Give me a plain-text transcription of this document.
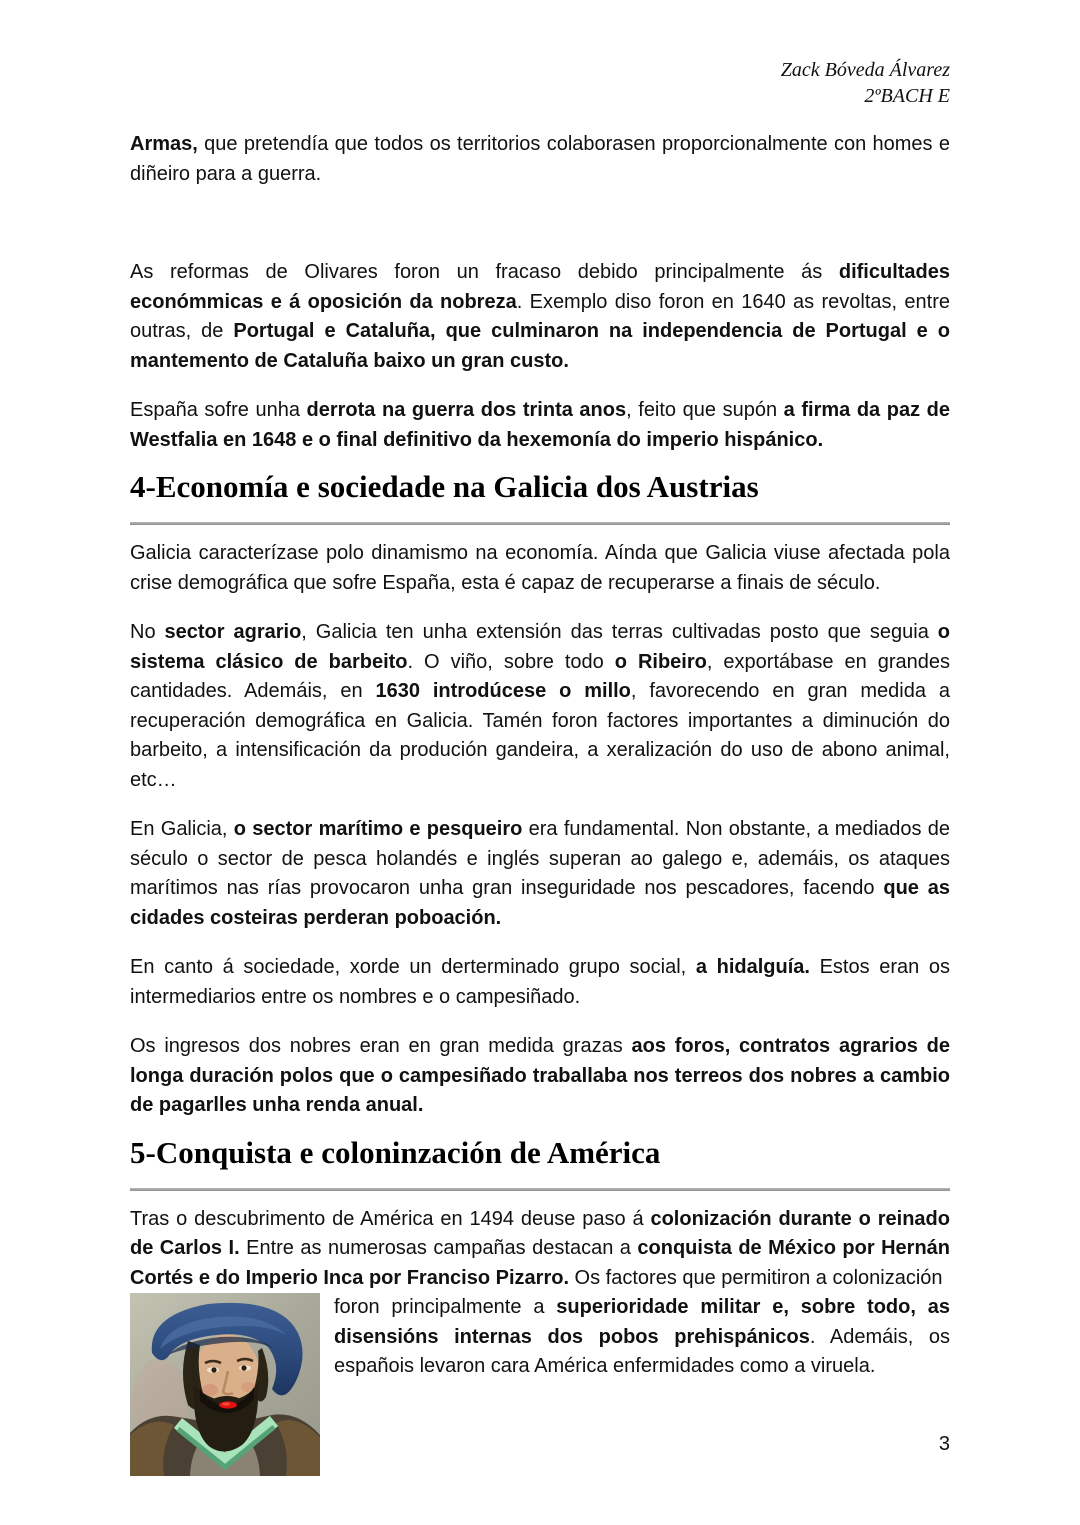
Zack Bóveda Álvarez
2ºBACH E
Armas, que pretendía que todos os territorios colaborasen proporcionalmente con homes e
diñeiro para a guerra.
As reformas de Olivares foron un fracaso debido principalmente ás dificultades
económmicas e á oposición da nobreza. Exemplo diso foron en 1640 as revoltas, entre
outras, de Portugal e Cataluña, que culminaron na independencia de Portugal e o
mantemento de Cataluña baixo un gran custo.
España sofre unha derrota na guerra dos trinta anos, feito que supón a firma da paz de
Westfalia en 1648 e o final definitivo da hexemonía do imperio hispánico.
4-Economía e sociedade na Galicia dos Austrias
Galicia caracterízase polo dinamismo na economía. Aínda que Galicia viuse afectada pola
crise demográfica que sofre España, esta é capaz de recuperarse a finais de século.
No sector agrario, Galicia ten unha extensión das terras cultivadas posto que seguia o
sistema clásico de barbeito. O viño, sobre todo o Ribeiro, exportábase en grandes
cantidades. Ademáis, en 1630 introdúcese o millo, favorecendo en gran medida a
recuperación demográfica en Galicia. Tamén foron factores importantes a diminución do
barbeito, a intensificación da produción gandeira, a xeralización do uso de abono animal,
etc…
En Galicia, o sector marítimo e pesqueiro era fundamental. Non obstante, a mediados de
século o sector de pesca holandés e inglés superan ao galego e, ademáis, os ataques
marítimos nas rías provocaron unha gran inseguridade nos pescadores, facendo que as
cidades costeiras perderan poboación.
En canto á sociedade, xorde un derterminado grupo social, a hidalguía. Estos eran os
intermediarios entre os nombres e o campesiñado.
Os ingresos dos nobres eran en gran medida grazas aos foros, contratos agrarios de
longa duración polos que o campesiñado traballaba nos terreos dos nobres a cambio
de pagarlles unha renda anual.
5-Conquista e coloninzación de América
Tras o descubrimento de América en 1494 deuse paso á colonización durante o reinado
de Carlos I. Entre as numerosas campañas destacan a conquista de México por Hernán
Cortés e do Imperio Inca por Franciso Pizarro. Os factores que permitiron a colonización
foron principalmente a superioridade militar e, sobre todo, as
disensións internas dos pobos prehispánicos. Ademáis, os
españois levaron cara América enfermidades como a viruela.
3
